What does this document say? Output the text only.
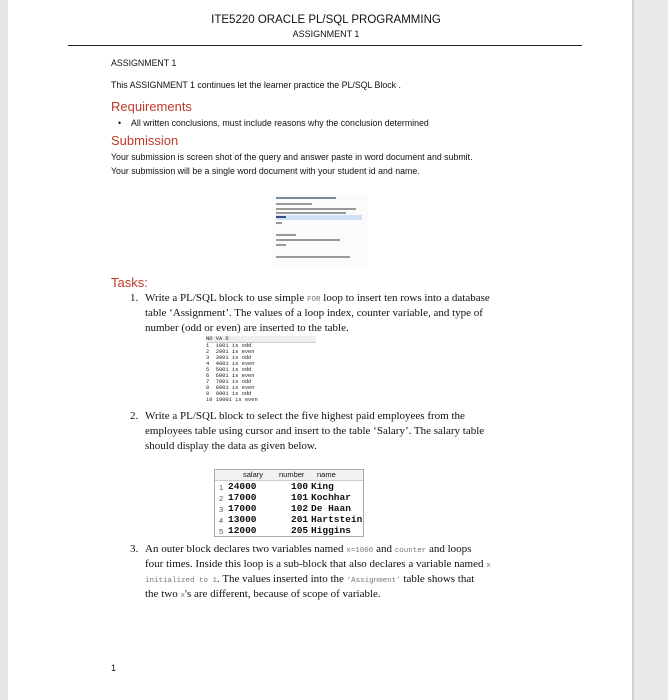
ITE5220 ORACLE PL/SQL PROGRAMMING
ASSIGNMENT 1
ASSIGNMENT 1
This ASSIGNMENT 1 continues let the learner practice the PL/SQL Block .
Requirements
• All written conclusions, must include reasons why the conclusion determined
Submission
Your submission is screen shot of the query and answer paste in word document and submit.
Your submission will be a single word document with your student id and name.
Tasks:
1. Write a PL/SQL block to use simple FOR loop to insert ten rows into a database
table ‘Assignment’. The values of a loop index, counter variable, and type of
number (odd or even) are inserted to the table.
NO VA D
1  1001 is odd
2  2001 is even
3  3001 is odd
4  4001 is even
5  5001 is odd
6  6001 is even
7  7001 is odd
8  8001 is even
9  9001 is odd
10 10001 is even
2. Write a PL/SQL block to select the five highest paid employees from the
employees table using cursor and insert to the table ‘Salary’. The salary table
should display the data as given below.
salary number name
1 24000	100 King
2 17000	101 Kochhar
3 17000	102 De Haan
4 13000	201 Hartstein
5 12000	205 Higgins
3. An outer block declares two variables named x=1000 and counter and loops
four times. Inside this loop is a sub-block that also declares a variable named x
initialized to 1. The values inserted into the ‘Assignment’ table shows that
the two x's are different, because of scope of variable.
1
